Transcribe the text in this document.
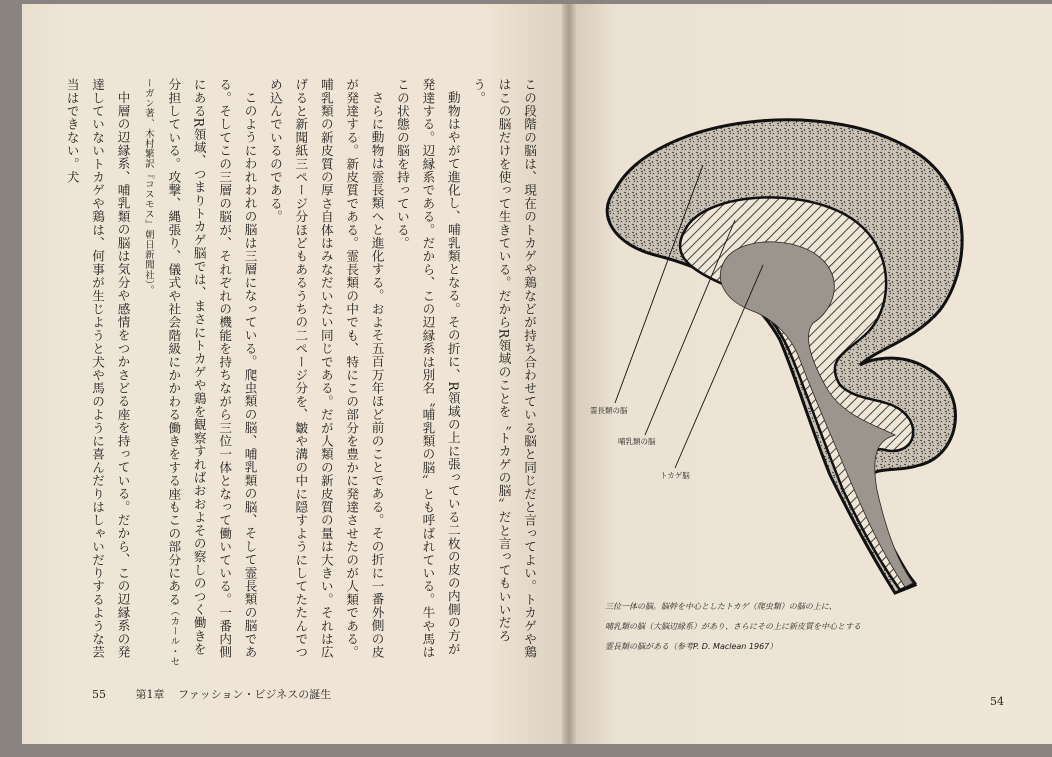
この段階の脳は、現在のトカゲや鶏などが持ち合わせている脳と同じだと言ってよい。トカゲや鶏はこの脳だけを使って生きている。だからR領域のことを〝トカゲの脳〟だと言ってもいいだろう。

動物はやがて進化し、哺乳類となる。その折に、R領域の上に張っている二枚の皮の内側の方が発達する。辺縁系である。だから、この辺縁系は別名〝哺乳類の脳〟とも呼ばれている。牛や馬はこの状態の脳を持っている。

さらに動物は霊長類へと進化する。およそ五百万年ほど前のことである。その折に一番外側の皮が発達する。新皮質である。霊長類の中でも、特にこの部分を豊かに発達させたのが人類である。哺乳類の新皮質の厚さ自体はみなだいたい同じである。だが人類の新皮質の量は大きい。それは広げると新聞紙三ページ分ほどもあるうちの二ページ分を、皺や溝の中に隠すようにしてたたんでつめ込んでいるのである。

このようにわれわれの脳は三層になっている。爬虫類の脳、哺乳類の脳、そして霊長類の脳である。そしてこの三層の脳が、それぞれの機能を持ちながら三位一体となって働いている。一番内側にあるR領域、つまりトカゲ脳では、まさにトカゲや鶏を観察すればおおよその察しのつく働きを分担している。攻撃、縄張り、儀式や社会階級にかかわる働きをする座もこの部分にある（カール・セーガン著、木村繁訳『コスモス』朝日新聞社）。

中層の辺縁系、哺乳類の脳は気分や感情をつかさどる座を持っている。だから、この辺縁系の発達していないトカゲや鶏は、何事が生じようと犬や馬のように喜んだりはしゃいだりするような芸当はできない。犬

55	第1章 ファッション・ビジネスの誕生
54
霊長類の脳
哺乳類の脳
トカゲ脳
三位一体の脳。脳幹を中心としたトカゲ（爬虫類）の脳の上に、
哺乳類の脳（大脳辺縁系）があり、さらにその上に新皮質を中心とする
霊長類の脳がある（参考P. D. Maclean 1967）
